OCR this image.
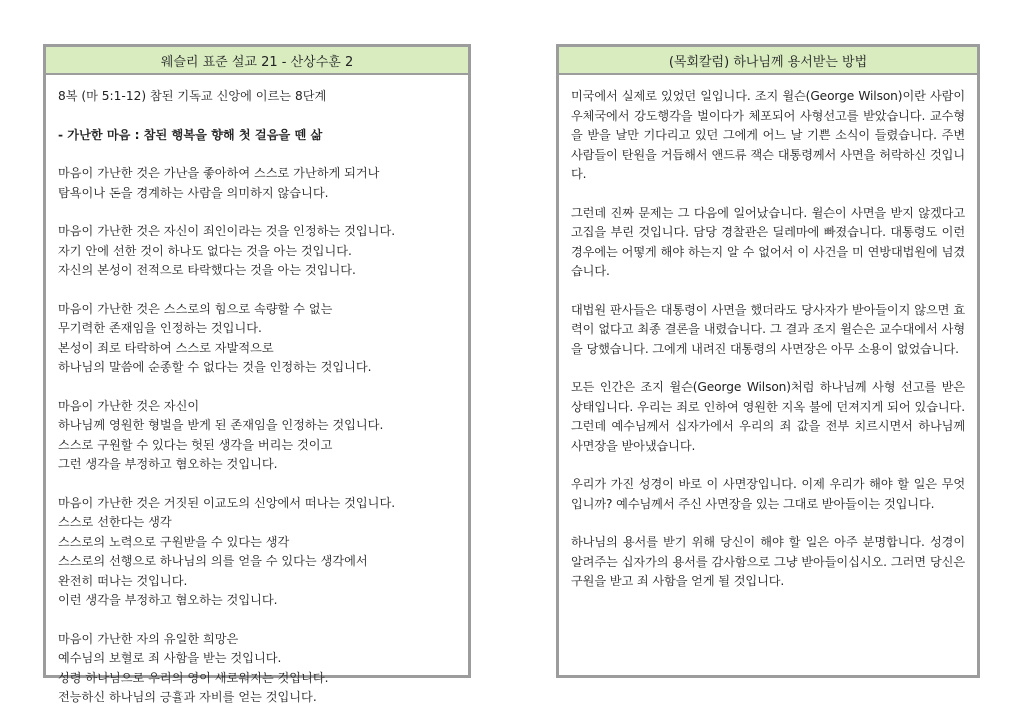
웨슬리 표준 설교 21 - 산상수훈 2
8복 (마 5:1-12) 참된 기독교 신앙에 이르는 8단계
- 가난한 마음 : 참된 행복을 향해 첫 걸음을 뗀 삶
마음이 가난한 것은 가난을 좋아하여 스스로 가난하게 되거나
탐욕이나 돈을 경계하는 사람을 의미하지 않습니다.
마음이 가난한 것은 자신이 죄인이라는 것을 인정하는 것입니다.
자기 안에 선한 것이 하나도 없다는 것을 아는 것입니다.
자신의 본성이 전적으로 타락했다는 것을 아는 것입니다.
마음이 가난한 것은 스스로의 힘으로 속량할 수 없는
무기력한 존재임을 인정하는 것입니다.
본성이 죄로 타락하여 스스로 자발적으로
하나님의 말씀에 순종할 수 없다는 것을 인정하는 것입니다.
마음이 가난한 것은 자신이
하나님께 영원한 형벌을 받게 된 존재임을 인정하는 것입니다.
스스로 구원할 수 있다는 헛된 생각을 버리는 것이고
그런 생각을 부정하고 혐오하는 것입니다.
마음이 가난한 것은 거짓된 이교도의 신앙에서 떠나는 것입니다.
스스로 선한다는 생각
스스로의 노력으로 구원받을 수 있다는 생각
스스로의 선행으로 하나님의 의를 얻을 수 있다는 생각에서
완전히 떠나는 것입니다.
이런 생각을 부정하고 혐오하는 것입니다.
마음이 가난한 자의 유일한 희망은
예수님의 보혈로 죄 사함을 받는 것입니다.
성령 하나님으로 우리의 영이 새로워지는 것입니다.
전능하신 하나님의 긍휼과 자비를 얻는 것입니다.
(목회칼럼) 하나님께 용서받는 방법

미국에서 실제로 있었던 일입니다. 조지 윌슨(George Wilson)이란 사람이 우체국에서 강도행각을 벌이다가 체포되어 사형선고를 받았습니다. 교수형을 받을 날만 기다리고 있던 그에게 어느 날 기쁜 소식이 들렸습니다. 주변 사람들이 탄원을 거듭해서 앤드류 잭슨 대통령께서 사면을 허락하신 것입니다.

그런데 진짜 문제는 그 다음에 일어났습니다. 윌슨이 사면을 받지 않겠다고 고집을 부린 것입니다. 담당 경찰관은 딜레마에 빠졌습니다. 대통령도 이런 경우에는 어떻게 해야 하는지 알 수 없어서 이 사건을 미 연방대법원에 넘겼습니다.

대법원 판사들은 대통령이 사면을 했더라도 당사자가 받아들이지 않으면 효력이 없다고 최종 결론을 내렸습니다. 그 결과 조지 윌슨은 교수대에서 사형을 당했습니다. 그에게 내려진 대통령의 사면장은 아무 소용이 없었습니다.

모든 인간은 조지 윌슨(George Wilson)처럼 하나님께 사형 선고를 받은 상태입니다. 우리는 죄로 인하여 영원한 지옥 불에 던져지게 되어 있습니다. 그런데 예수님께서 십자가에서 우리의 죄 값을 전부 치르시면서 하나님께 사면장을 받아냈습니다.

우리가 가진 성경이 바로 이 사면장입니다. 이제 우리가 해야 할 일은 무엇입니까? 예수님께서 주신 사면장을 있는 그대로 받아들이는 것입니다.

하나님의 용서를 받기 위해 당신이 해야 할 일은 아주 분명합니다. 성경이 알려주는 십자가의 용서를 감사함으로 그냥 받아들이십시오. 그러면 당신은 구원을 받고 죄 사함을 얻게 될 것입니다.
